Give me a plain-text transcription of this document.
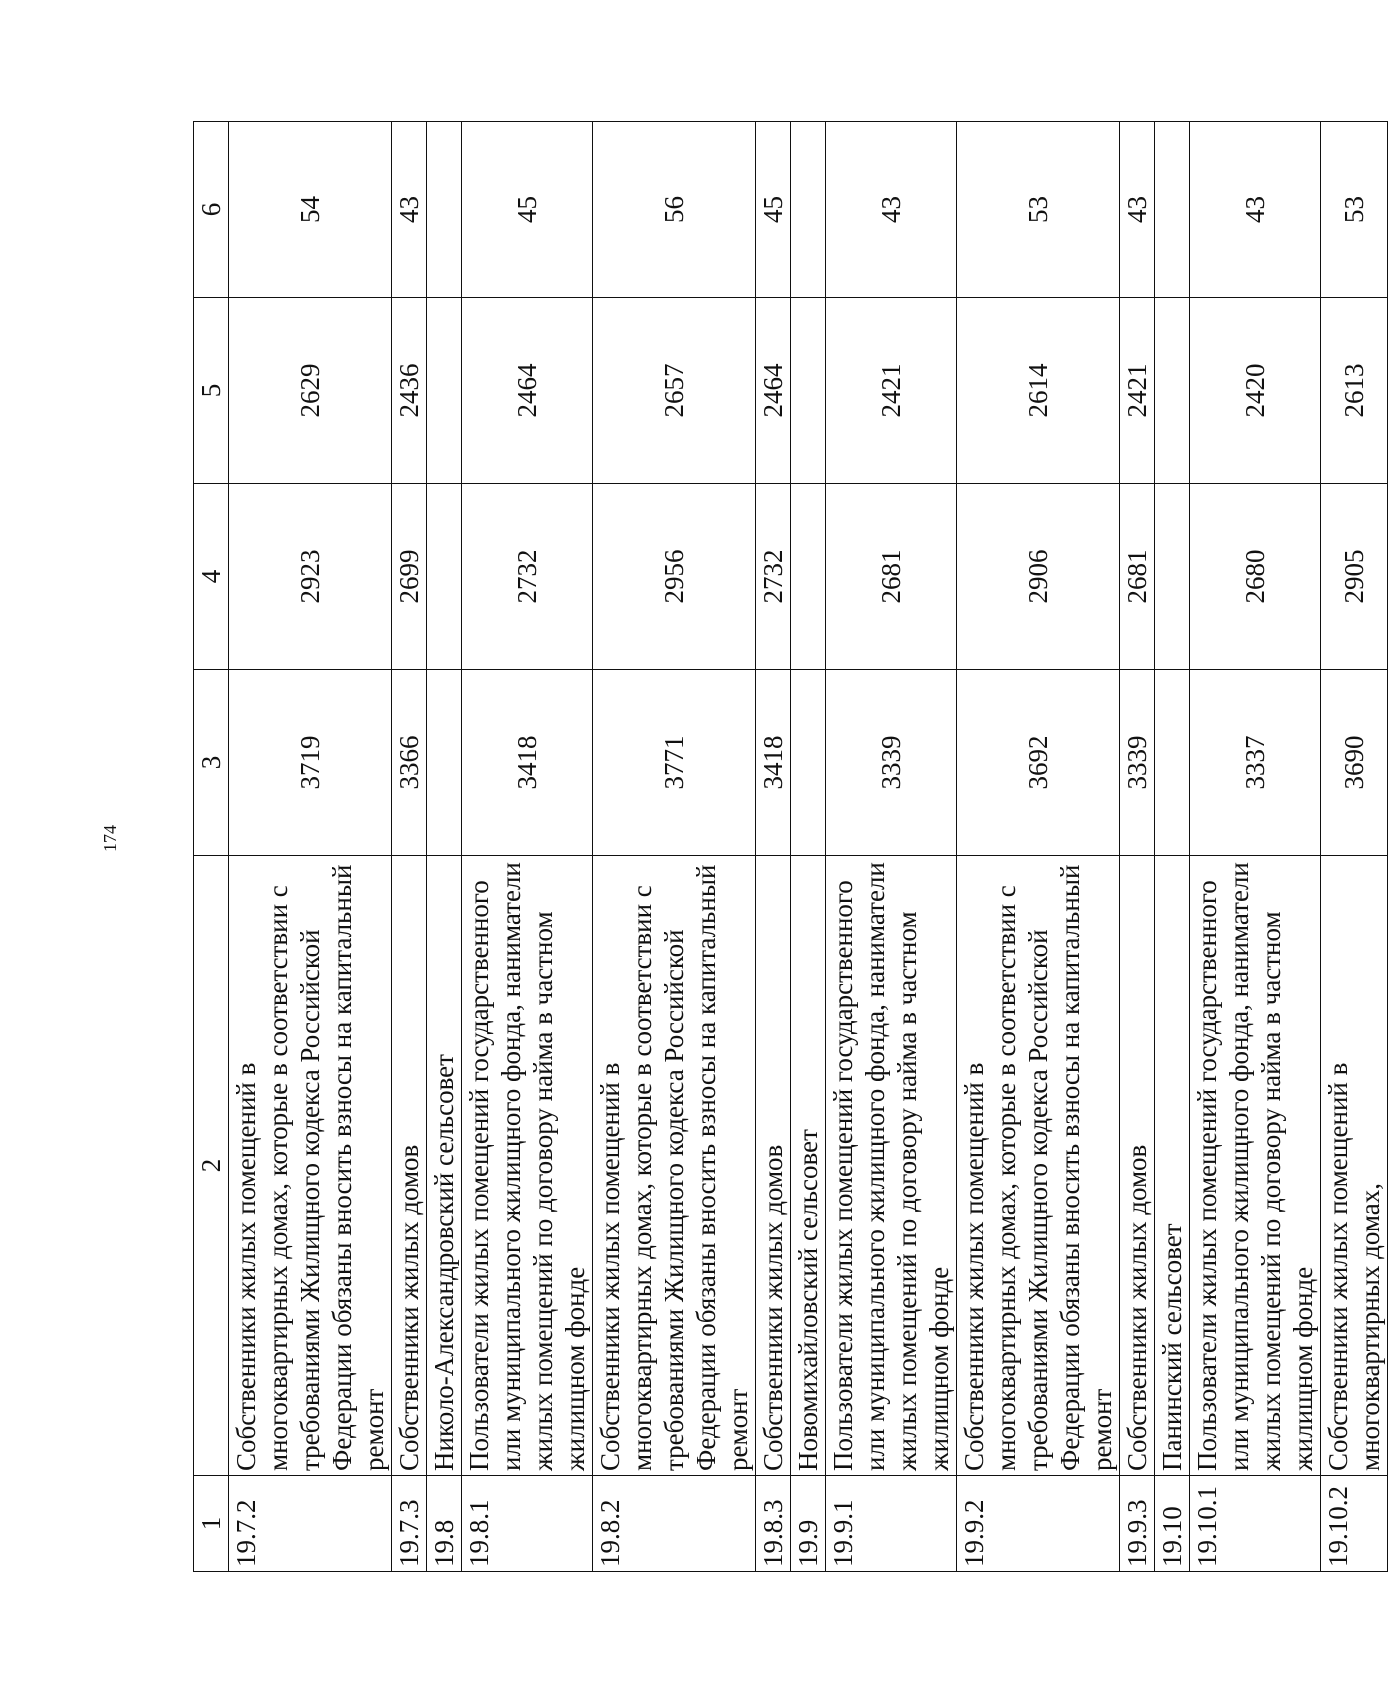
174
1	2	3	4	5	6
19.7.2	Собственники жилых помещений в многоквартирных домах, которые в соответствии с требованиями Жилищного кодекса Российской Федерации обязаны вносить взносы на капитальный ремонт	3719	2923	2629	54
19.7.3	Собственники жилых домов	3366	2699	2436	43
19.8	Николо-Александровский сельсовет				
19.8.1	Пользователи жилых помещений государственного или муниципального жилищного фонда, наниматели жилых помещений по договору найма в частном жилищном фонде	3418	2732	2464	45
19.8.2	Собственники жилых помещений в многоквартирных домах, которые в соответствии с требованиями Жилищного кодекса Российской Федерации обязаны вносить взносы на капитальный ремонт	3771	2956	2657	56
19.8.3	Собственники жилых домов	3418	2732	2464	45
19.9	Новомихайловский сельсовет				
19.9.1	Пользователи жилых помещений государственного или муниципального жилищного фонда, наниматели жилых помещений по договору найма в частном жилищном фонде	3339	2681	2421	43
19.9.2	Собственники жилых помещений в многоквартирных домах, которые в соответствии с требованиями Жилищного кодекса Российской Федерации обязаны вносить взносы на капитальный ремонт	3692	2906	2614	53
19.9.3	Собственники жилых домов	3339	2681	2421	43
19.10	Панинский сельсовет				
19.10.1	Пользователи жилых помещений государственного или муниципального жилищного фонда, наниматели жилых помещений по договору найма в частном жилищном фонде	3337	2680	2420	43
19.10.2	Собственники жилых помещений в многоквартирных домах,	3690	2905	2613	53
